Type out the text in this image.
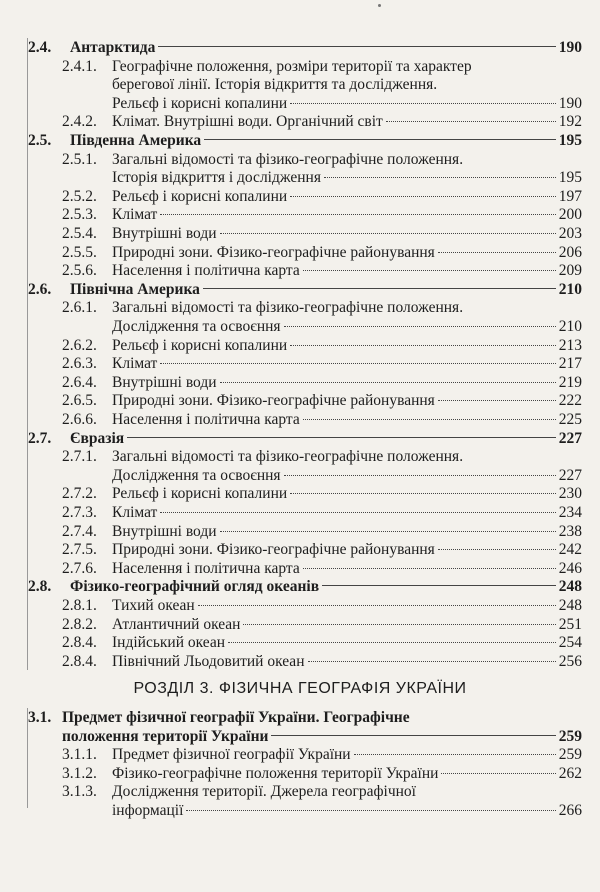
2.4.	Антарктида	190
2.4.1. Географічне положення, розміри території та характер
берегової лінії. Історія відкриття та дослідження.
Рельєф і корисні копалини	190
2.4.2. Клімат. Внутрішні води. Органічний світ	192
2.5.	Південна Америка	195
2.5.1. Загальні відомості та фізико-географічне положення.
Історія відкриття і дослідження	195
2.5.2. Рельєф і корисні копалини	197
2.5.3. Клімат	200
2.5.4. Внутрішні води	203
2.5.5. Природні зони. Фізико-географічне районування	206
2.5.6. Населення і політична карта	209
2.6.	Північна Америка	210
2.6.1. Загальні відомості та фізико-географічне положення.
Дослідження та освоєння	210
2.6.2. Рельєф і корисні копалини	213
2.6.3. Клімат	217
2.6.4. Внутрішні води	219
2.6.5. Природні зони. Фізико-географічне районування	222
2.6.6. Населення і політична карта	225
2.7.	Євразія	227
2.7.1. Загальні відомості та фізико-географічне положення.
Дослідження та освоєння	227
2.7.2. Рельєф і корисні копалини	230
2.7.3. Клімат	234
2.7.4. Внутрішні води	238
2.7.5. Природні зони. Фізико-географічне районування	242
2.7.6. Населення і політична карта	246
2.8.	Фізико-географічний огляд океанів	248
2.8.1. Тихий океан	248
2.8.2. Атлантичний океан	251
2.8.4. Індійський океан	254
2.8.4. Північний Льодовитий океан	256
РОЗДІЛ 3. ФІЗИЧНА ГЕОГРАФІЯ УКРАЇНИ
3.1. Предмет фізичної географії України. Географічне
положення території України	259
3.1.1. Предмет фізичної географії України	259
3.1.2. Фізико-географічне положення території України	262
3.1.3. Дослідження території. Джерела географічної
інформації	266
